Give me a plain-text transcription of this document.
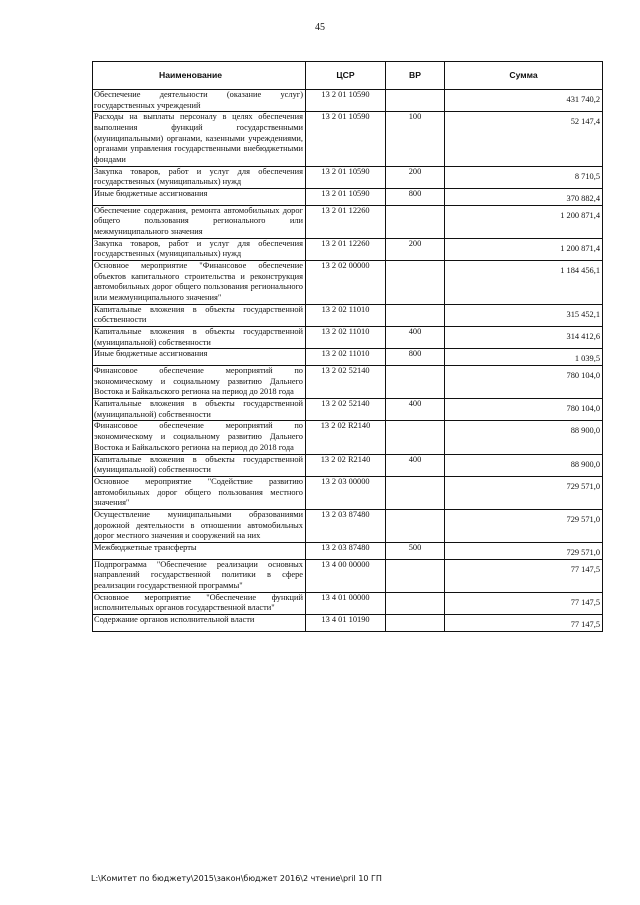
45
Наименование	ЦСР	ВР	Сумма
Обеспечение деятельности (оказание услуг) государственных учреждений	13 2 01 10590		431 740,2
Расходы на выплаты персоналу в целях обеспечения выполнения функций государственными (муниципальными) органами, казенными учреждениями, органами управления государственными внебюджетными фондами	13 2 01 10590	100	52 147,4
Закупка товаров, работ и услуг для обеспечения государственных (муниципальных) нужд	13 2 01 10590	200	8 710,5
Иные бюджетные ассигнования	13 2 01 10590	800	370 882,4
Обеспечение содержания, ремонта автомобильных дорог общего пользования регионального или межмуниципального значения	13 2 01 12260		1 200 871,4
Закупка товаров, работ и услуг для обеспечения государственных (муниципальных) нужд	13 2 01 12260	200	1 200 871,4
Основное мероприятие "Финансовое обеспечение объектов капитального строительства и реконструкция автомобильных дорог общего пользования регионального или межмуниципального значения"	13 2 02 00000		1 184 456,1
Капитальные вложения в объекты государственной собственности	13 2 02 11010		315 452,1
Капитальные вложения в объекты государственной (муниципальной) собственности	13 2 02 11010	400	314 412,6
Иные бюджетные ассигнования	13 2 02 11010	800	1 039,5
Финансовое обеспечение мероприятий по экономическому и социальному развитию Дальнего Востока и Байкальского региона на период до 2018 года	13 2 02 52140		780 104,0
Капитальные вложения в объекты государственной (муниципальной) собственности	13 2 02 52140	400	780 104,0
Финансовое обеспечение мероприятий по экономическому и социальному развитию Дальнего Востока и Байкальского региона на период до 2018 года	13 2 02 R2140		88 900,0
Капитальные вложения в объекты государственной (муниципальной) собственности	13 2 02 R2140	400	88 900,0
Основное мероприятие "Содействие развитию автомобильных дорог общего пользования местного значения"	13 2 03 00000		729 571,0
Осуществление муниципальными образованиями дорожной деятельности в отношении автомобильных дорог местного значения и сооружений на них	13 2 03 87480		729 571,0
Межбюджетные трансферты	13 2 03 87480	500	729 571,0
Подпрограмма "Обеспечение реализации основных направлений государственной политики в сфере реализации государственной программы"	13 4 00 00000		77 147,5
Основное мероприятие "Обеспечение функций исполнительных органов государственной власти"	13 4 01 00000		77 147,5
Содержание органов исполнительной власти	13 4 01 10190		77 147,5
L:\Комитет по бюджету\2015\закон\бюджет 2016\2 чтение\pril 10 ГП
